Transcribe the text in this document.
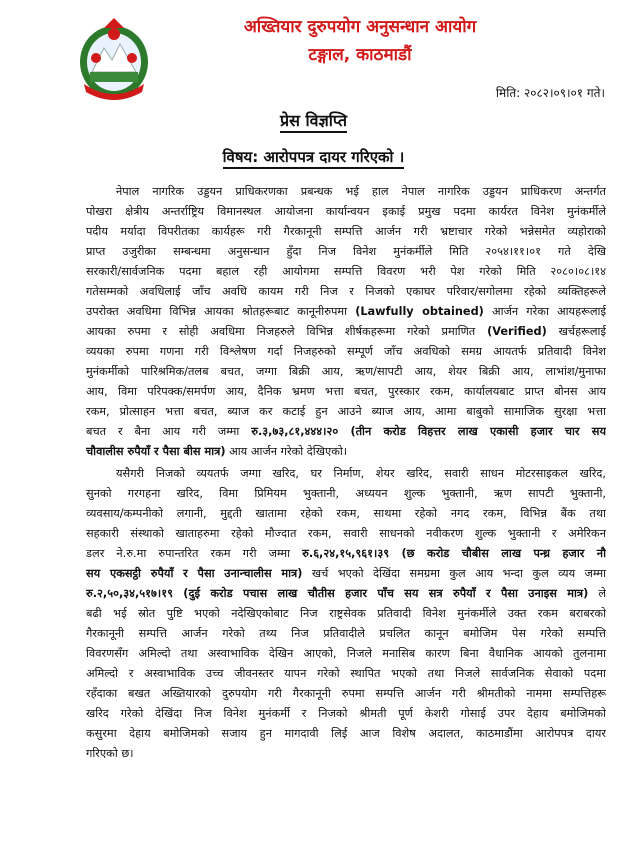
अख्तियार दुरुपयोग अनुसन्धान आयोग
टङ्गाल, काठमाडौं
मिति: २०८२।०९।०१ गते।
प्रेस विज्ञप्ति
विषय: आरोपपत्र दायर गरिएको ।
नेपाल नागरिक उड्डयन प्राधिकरणका प्रबन्धक भई हाल नेपाल नागरिक उड्डयन प्राधिकरण अन्तर्गत
पोखरा क्षेत्रीय अन्तर्राष्ट्रिय विमानस्थल आयोजना कार्यान्वयन इकाई प्रमुख पदमा कार्यरत विनेश मुनंकर्मीले
पदीय मर्यादा विपरीतका कार्यहरू गरी गैरकानूनी सम्पत्ति आर्जन गरी भ्रष्टाचार गरेको भन्नेसमेत व्यहोराको
प्राप्त उजुरीका सम्बन्धमा अनुसन्धान हुँदा निज विनेश मुनंकर्मीले मिति २०५४।११।०१ गते देखि
सरकारी/सार्वजनिक पदमा बहाल रही आयोगमा सम्पत्ति विवरण भरी पेश गरेको मिति २०८०।०८।१४
गतेसम्मको अवधिलाई जाँच अवधि कायम गरी निज र निजको एकाघर परिवार/सगोलमा रहेको व्यक्तिहरूले
उपरोक्त अवधिमा विभिन्न आयका श्रोतहरूबाट कानूनीरुपमा (Lawfully obtained) आर्जन गरेका आयहरूलाई
आयका रुपमा र सोही अवधिमा निजहरुले विभिन्न शीर्षकहरूमा गरेको प्रमाणित (Verified) खर्चहरूलाई
व्ययका रुपमा गणना गरी विश्लेषण गर्दा निजहरुको सम्पूर्ण जाँच अवधिको समग्र आयतर्फ प्रतिवादी विनेश
मुनंकर्मीको पारिश्रमिक/तलब बचत, जग्गा बिक्री आय, ऋण/सापटी आय, शेयर बिक्री आय, लाभांश/मुनाफा
आय, विमा परिपक्क/समर्पण आय, दैनिक भ्रमण भत्ता बचत, पुरस्कार रकम, कार्यालयबाट प्राप्त बोनस आय
रकम, प्रोत्साहन भत्ता बचत, ब्याज कर कटाई हुन आउने ब्याज आय, आमा बाबुको सामाजिक सुरक्षा भत्ता
बचत र बैना आय गरी जम्मा रु.३,७३,८१,४४४।२० (तीन करोड विहत्तर लाख एकासी हजार चार सय
चौवालीस रुपैयाँ र पैसा बीस मात्र) आय आर्जन गरेको देखिएको।
यसैगरी निजको व्ययतर्फ जग्गा खरिद, घर निर्माण, शेयर खरिद, सवारी साधन मोटरसाइकल खरिद,
सुनको गरगहना खरिद, विमा प्रिमियम भुक्तानी, अध्ययन शुल्क भुक्तानी, ऋण सापटी भुक्तानी,
व्यवसाय/कम्पनीको लगानी, मुद्दती खातामा रहेको रकम, साथमा रहेको नगद रकम, विभिन्न बैंक तथा
सहकारी संस्थाको खाताहरुमा रहेको मौज्दात रकम, सवारी साधनको नवीकरण शुल्क भुक्तानी र अमेरिकन
डलर ने.रु.मा रुपान्तरित रकम गरी जम्मा रु.६,२४,१५,९६१।३९ (छ करोड चौबीस लाख पन्ध्र हजार नौ
सय एकसट्ठी रुपैयाँ र पैसा उनान्चालीस मात्र) खर्च भएको देखिंदा समग्रमा कुल आय भन्दा कुल व्यय जम्मा
रु.२,५०,३४,५१७।१९ (दुई करोड पचास लाख चौतीस हजार पाँच सय सत्र रुपैयाँ र पैसा उनाइस मात्र) ले
बढी भई स्रोत पुष्टि भएको नदेखिएकोबाट निज राष्ट्रसेवक प्रतिवादी विनेश मुनंकर्मीले उक्त रकम बराबरको
गैरकानूनी सम्पत्ति आर्जन गरेको तथ्य निज प्रतिवादीले प्रचलित कानून बमोजिम पेस गरेको सम्पत्ति
विवरणसँग अमिल्दो तथा अस्वाभाविक देखिन आएको, निजले मनासिब कारण बिना वैधानिक आयको तुलनामा
अमिल्दो र अस्वाभाविक उच्च जीवनस्तर यापन गरेको स्थापित भएको तथा निजले सार्वजनिक सेवाको पदमा
रहँदाका बखत अख्तियारको दुरुपयोग गरी गैरकानूनी रुपमा सम्पत्ति आर्जन गरी श्रीमतीको नाममा सम्पत्तिहरू
खरिद गरेको देखिंदा निज विनेश मुनंकर्मी र निजको श्रीमती पूर्ण केशरी गोसाई उपर देहाय बमोजिमको
कसुरमा देहाय बमोजिमको सजाय हुन मागदावी लिई आज विशेष अदालत, काठमाडौंमा आरोपपत्र दायर
गरिएको छ।
